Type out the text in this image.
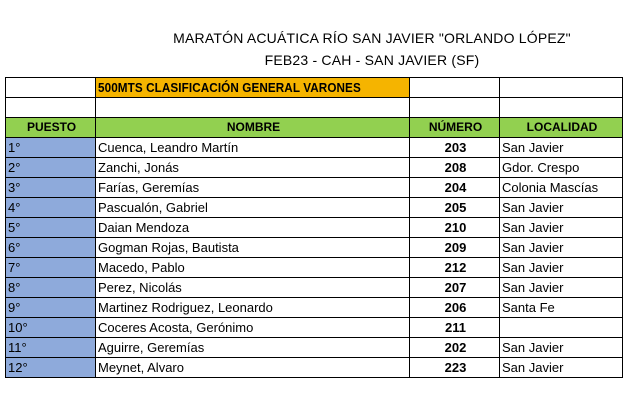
MARATÓN ACUÁTICA RÍO SAN JAVIER "ORLANDO LÓPEZ"
FEB23 - CAH - SAN JAVIER (SF)
	500MTS CLASIFICACIÓN GENERAL VARONES		

PUESTO	NOMBRE	NÚMERO	LOCALIDAD
1°	Cuenca, Leandro Martín	203	San Javier
2°	Zanchi, Jonás	208	Gdor. Crespo
3°	Farías, Geremías	204	Colonia Mascías
4°	Pascualón, Gabriel	205	San Javier
5°	Daian Mendoza	210	San Javier
6°	Gogman Rojas, Bautista	209	San Javier
7°	Macedo, Pablo	212	San Javier
8°	Perez, Nicolás	207	San Javier
9°	Martinez Rodriguez, Leonardo	206	Santa Fe
10°	Coceres Acosta, Gerónimo	211	
11°	Aguirre, Geremías	202	San Javier
12°	Meynet, Alvaro	223	San Javier
